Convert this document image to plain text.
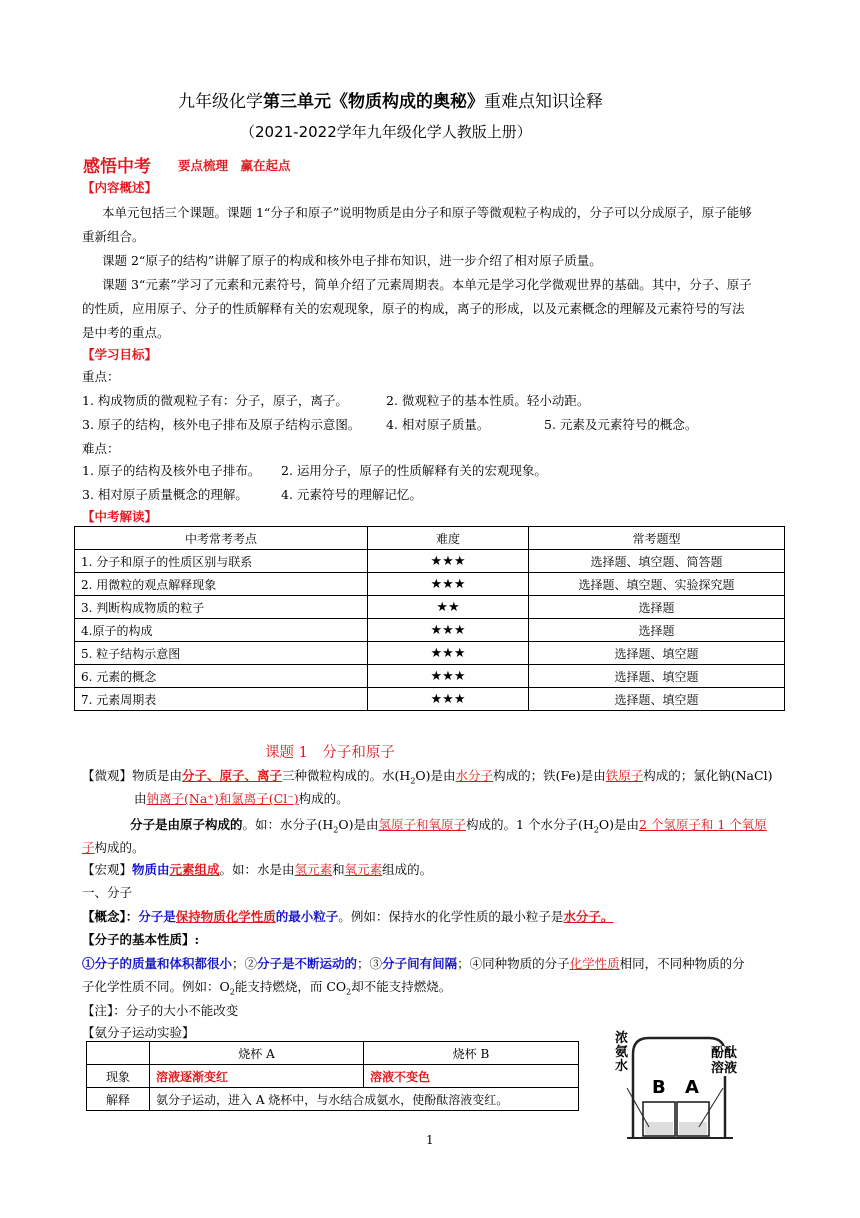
九年级化学第三单元《物质构成的奥秘》重难点知识诠释
（2021-2022学年九年级化学人教版上册）
感悟中考 要点梳理　赢在起点
【内容概述】
本单元包括三个课题。课题 1“分子和原子”说明物质是由分子和原子等微观粒子构成的，分子可以分成原子，原子能够
重新组合。
课题 2“原子的结构”讲解了原子的构成和核外电子排布知识，进一步介绍了相对原子质量。
课题 3“元素”学习了元素和元素符号，简单介绍了元素周期表。本单元是学习化学微观世界的基础。其中，分子、原子
的性质，应用原子、分子的性质解释有关的宏观现象，原子的构成，离子的形成，以及元素概念的理解及元素符号的写法
是中考的重点。
【学习目标】
重点：
1. 构成物质的微观粒子有：分子，原子，离子。	2. 微观粒子的基本性质。轻小动距。
3. 原子的结构，核外电子排布及原子结构示意图。	4. 相对原子质量。	5. 元素及元素符号的概念。
难点：
1. 原子的结构及核外电子排布。	2. 运用分子，原子的性质解释有关的宏观现象。
3. 相对原子质量概念的理解。	4. 元素符号的理解记忆。
【中考解读】
中考常考考点	难度	常考题型
1. 分子和原子的性质区别与联系	★★★	选择题、填空题、简答题
2. 用微粒的观点解释现象	★★★	选择题、填空题、实验探究题
3. 判断构成物质的粒子	★★	选择题
4.原子的构成	★★★	选择题
5. 粒子结构示意图	★★★	选择题、填空题
6. 元素的概念	★★★	选择题、填空题
7. 元素周期表	★★★	选择题、填空题
课题 1　分子和原子
【微观】物质是由分子、原子、离子三种微粒构成的。水$(H_2O)$是由水分子构成的；铁(Fe)是由铁原子构成的；氯化钠(NaCl)
由钠离子(Na⁺)和氯离子(Cl⁻)构成的。
分子是由原子构成的。如：水分子$(H_2O)$是由氢原子和氧原子构成的。1 个水分子$(H_2O)$是由2 个氢原子和 1 个氧原
子构成的。
【宏观】物质由元素组成。如：水是由氢元素和氧元素组成的。
一、分子
【概念】：分子是保持物质化学性质的最小粒子。例如：保持水的化学性质的最小粒子是水分子。
【分子的基本性质】:
①分子的质量和体积都很小；②分子是不断运动的；③分子间有间隔；④同种物质的分子化学性质相同，不同种物质的分
子化学性质不同。例如：$O_2$能支持燃烧，而 $CO_2$却不能支持燃烧。
【注】：分子的大小不能改变
【氨分子运动实验】
	烧杯 A	烧杯 B
现象	溶液逐渐变红	溶液不变色
解释	氨分子运动，进入 A 烧杯中，与水结合成氨水，使酚酞溶液变红。	
浓
氨
水
酚酞
溶液
B A
1
